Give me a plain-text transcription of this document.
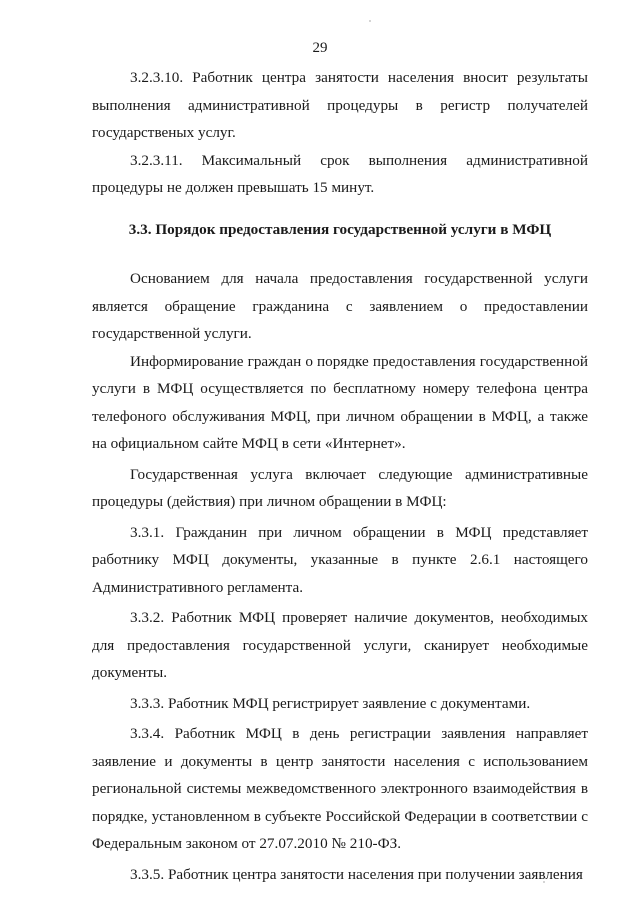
29

3.2.3.10. Работник центра занятости населения вносит результаты выполнения административной процедуры в регистр получателей государственых услуг.

3.2.3.11. Максимальный срок выполнения административной процедуры не должен превышать 15 минут.

3.3. Порядок предоставления государственной услуги в МФЦ

Основанием для начала предоставления государственной услуги является обращение гражданина с заявлением о предоставлении государственной услуги.

Информирование граждан о порядке предоставления государственной услуги в МФЦ осуществляется по бесплатному номеру телефона центра телефоного обслуживания МФЦ, при личном обращении в МФЦ, а также на официальном сайте МФЦ в сети «Интернет».

Государственная услуга включает следующие административные процедуры (действия) при личном обращении в МФЦ:

3.3.1. Гражданин при личном обращении в МФЦ представляет работнику МФЦ документы, указанные в пункте 2.6.1 настоящего Административного регламента.

3.3.2. Работник МФЦ проверяет наличие документов, необходимых для предоставления государственной услуги, сканирует необходимые документы.

3.3.3. Работник МФЦ регистрирует заявление с документами.

3.3.4. Работник МФЦ в день регистрации заявления направляет заявление и документы в центр занятости населения с использованием региональной системы межведомственного электронного взаимодействия в порядке, установленном в субъекте Российской Федерации в соответствии с Федеральным законом от 27.07.2010 № 210-ФЗ.

3.3.5. Работник центра занятости населения при получении заявления
